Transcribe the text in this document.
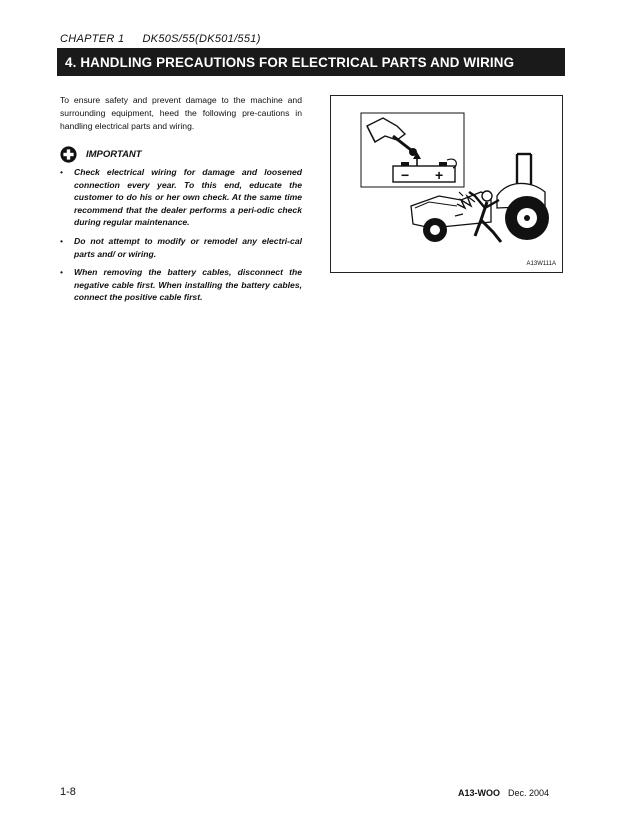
CHAPTER 1 DK50S/55(DK501/551)
4. HANDLING PRECAUTIONS FOR ELECTRICAL PARTS AND WIRING
To ensure safety and prevent damage to the machine and surrounding equipment, heed the following pre-cautions in handling electrical parts and wiring.
IMPORTANT
• Check electrical wiring for damage and loosened connection every year. To this end, educate the customer to do his or her own check. At the same time recommend that the dealer performs a peri-odic check during regular maintenance.
• Do not attempt to modify or remodel any electri-cal parts and/ or wiring.
• When removing the battery cables, disconnect the negative cable first. When installing the battery cables, connect the positive cable first.
− +
A13W111A
1-8	A13-WOO Dec. 2004
